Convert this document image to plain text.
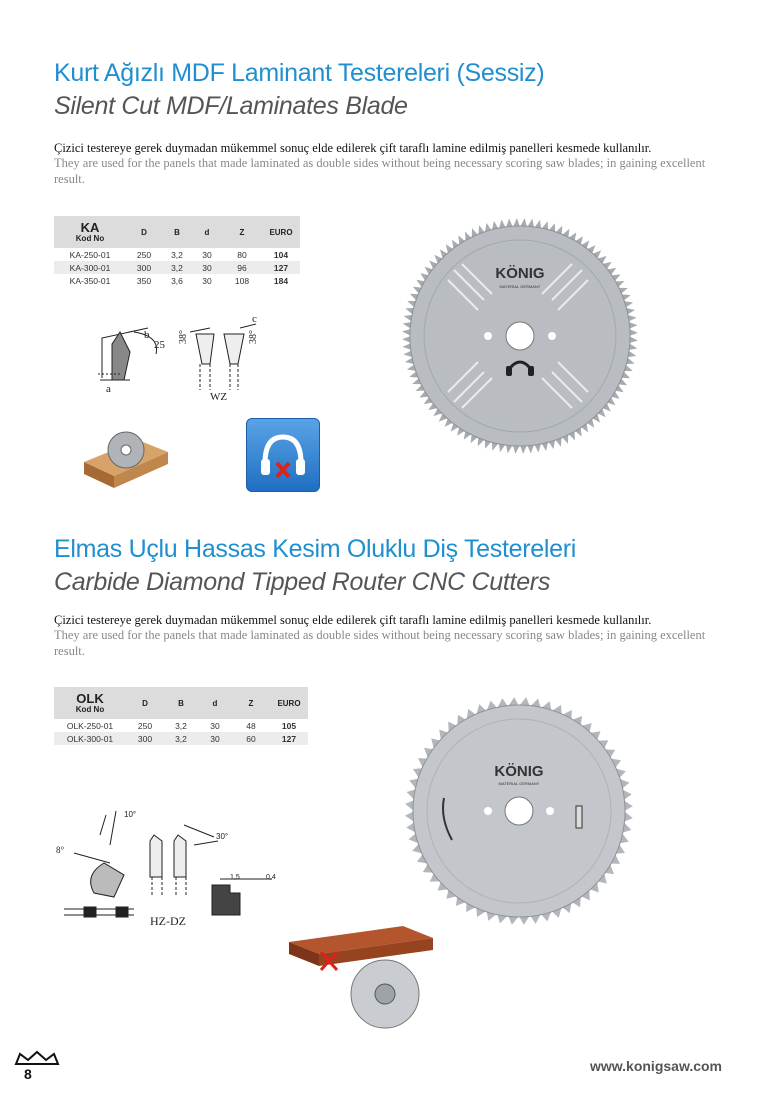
Kurt Ağızlı MDF Laminant Testereleri (Sessiz)
Silent Cut MDF/Laminates Blade
Çizici testereye gerek duymadan mükemmel sonuç elde edilerek çift taraflı lamine edilmiş panelleri kesmede kullanılır.
They are used for the panels that made laminated as double sides without being necessary scoring saw blades; in gaining excellent result.
KA
Kod No	D	B	d	Z	EURO
KA-250-01	250	3,2	30	80	104
KA-300-01	300	3,2	30	96	127
KA-350-01	350	3,6	30	108	184
b
25
a
38°	38°
c
WZ
KÖNIG
MATERIAL GERMANY
Elmas Uçlu Hassas Kesim Oluklu Diş Testereleri
Carbide Diamond Tipped Router CNC Cutters
Çizici testereye gerek duymadan mükemmel sonuç elde edilerek çift taraflı lamine edilmiş panelleri kesmede kullanılır.
They are used for the panels that made laminated as double sides without being necessary scoring saw blades; in gaining excellent result.
OLK
Kod No	D	B	d	Z	EURO
OLK-250-01	250	3,2	30	48	105
OLK-300-01	300	3,2	30	60	127
10°
8°
30°
1,5	0,4
HZ-DZ
KÖNIG
MATERIAL GERMANY
8	www.konigsaw.com
